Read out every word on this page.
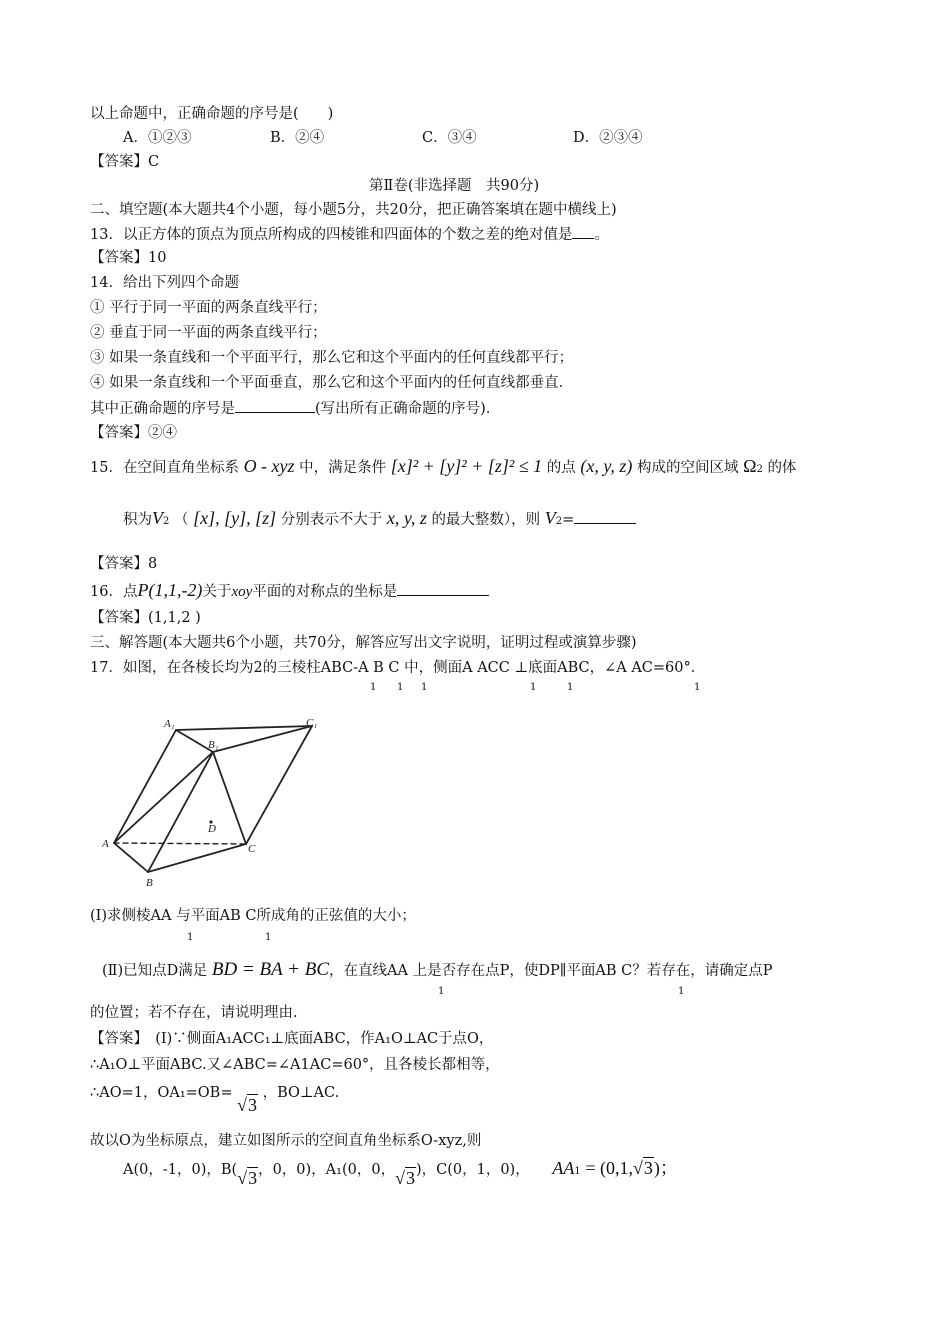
以上命题中，正确命题的序号是(　　)
A．①②③	B．②④	C．③④	D．②③④
【答案】C
第Ⅱ卷(非选择题　共90分)
二、填空题(本大题共4个小题，每小题5分，共20分，把正确答案填在题中横线上)
13．以正方体的顶点为顶点所构成的四棱锥和四面体的个数之差的绝对值是 。
【答案】10
14．给出下列四个命题
① 平行于同一平面的两条直线平行；
② 垂直于同一平面的两条直线平行；
③ 如果一条直线和一个平面平行，那么它和这个平面内的任何直线都平行；
④ 如果一条直线和一个平面垂直，那么它和这个平面内的任何直线都垂直．
其中正确命题的序号是	(写出所有正确命题的序号)．
【答案】②④
15．在空间直角坐标系 O - xyz 中，满足条件 [x]² + [y]² + [z]² ≤ 1 的点 (x, y, z) 构成的空间区域 Ω2 的体
积为V2 （ [x], [y], [z] 分别表示不大于 x, y, z 的最大整数），则 V2=
【答案】8
16．点P(1,1,-2)关于xoy平面的对称点的坐标是
【答案】(1,1,2 )
三、解答题(本大题共6个小题，共70分，解答应写出文字说明，证明过程或演算步骤)
17．如图，在各棱长均为2的三棱柱ABC-A B C 中，侧面A ACC ⊥底面ABC，∠A AC=60°．
1 1 1	1	1	1
A₁	C₁
B₁
D
A	C
B
(Ⅰ)求侧棱AA 与平面AB C所成角的正弦值的大小；
1	1
(Ⅱ)已知点D满足 BD = BA + BC，在直线AA 上是否存在点P，使DP∥平面AB C？若存在，请确定点P
1	1
的位置；若不存在，请说明理由.
【答案】　(Ⅰ)∵侧面A₁ACC₁⊥底面ABC，作A₁O⊥AC于点O，
∴A₁O⊥平面ABC.又∠ABC=∠A1AC=60°，且各棱长都相等，
∴AO=1，OA₁=OB= √3 ，BO⊥AC.
故以O为坐标原点，建立如图所示的空间直角坐标系O-xyz,则
A(0，-1，0)，B(√3，0，0)，A₁(0，0，√3)，C(0，1，0)， AA1 = (0,1,√3)；
